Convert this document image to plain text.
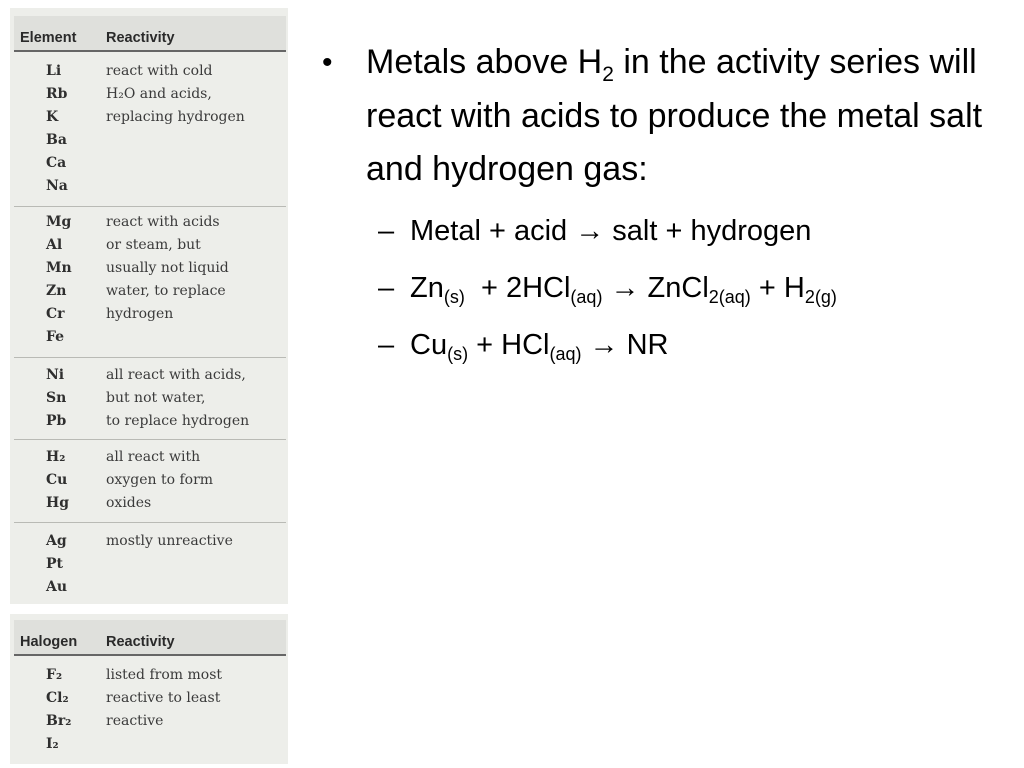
Element Reactivity
Li
Rb
K
Ba
Ca
Na
react with cold
H₂O and acids,
replacing hydrogen
Mg
Al
Mn
Zn
Cr
Fe
react with acids
or steam, but
usually not liquid
water, to replace
hydrogen
Ni
Sn
Pb
all react with acids,
but not water,
to replace hydrogen
H₂
Cu
Hg
all react with
oxygen to form
oxides
Ag
Pt
Au
mostly unreactive
Halogen Reactivity
F₂
Cl₂
Br₂
I₂
listed from most
reactive to least
reactive
• Metals above $H_2$ in the activity series will react with acids to produce the metal salt and hydrogen gas:
– Metal + acid → salt + hydrogen
– $Zn_{(s)} + 2HCl_{(aq)}$ → ZnCl$_{2(aq)}$ + $H_{2(g)}$
– $Cu_{(s)} + HCl_{(aq)}$ → NR
